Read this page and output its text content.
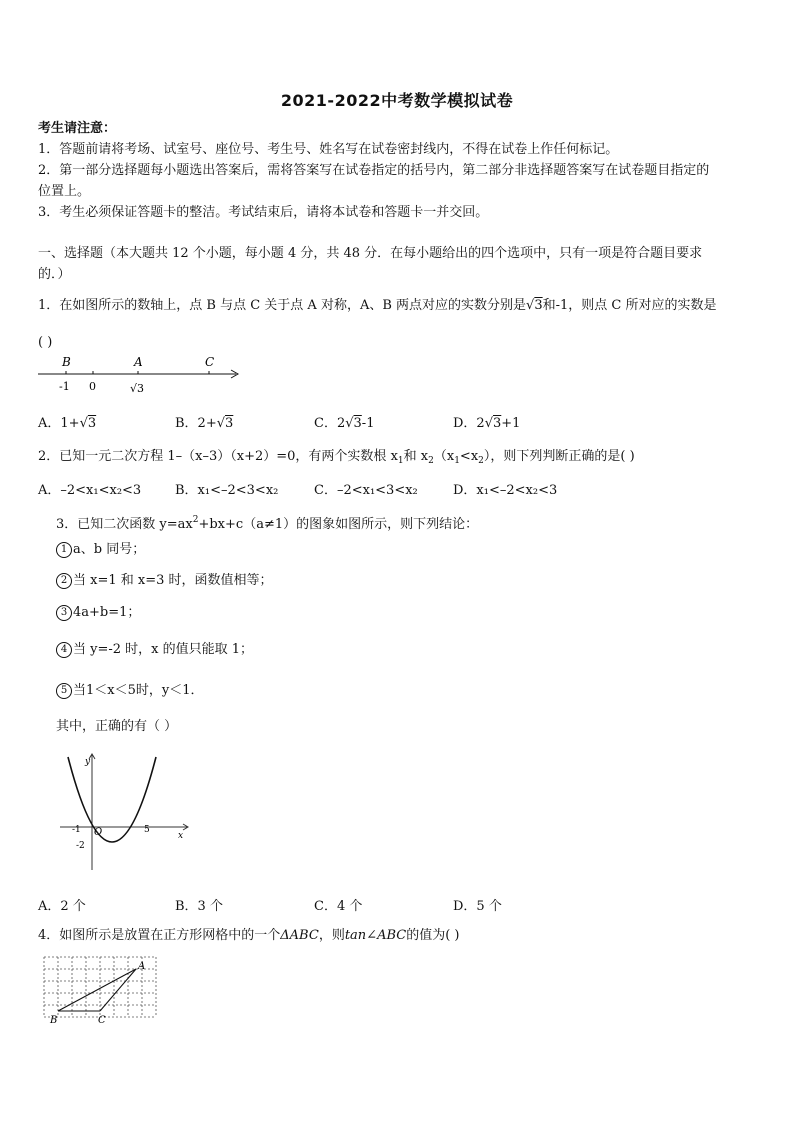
2021-2022中考数学模拟试卷
考生请注意：
1．答题前请将考场、试室号、座位号、考生号、姓名写在试卷密封线内，不得在试卷上作任何标记。
2．第一部分选择题每小题选出答案后，需将答案写在试卷指定的括号内，第二部分非选择题答案写在试卷题目指定的
位置上。
3．考生必须保证答题卡的整洁。考试结束后，请将本试卷和答题卡一并交回。
一、选择题（本大题共 12 个小题，每小题 4 分，共 48 分．在每小题给出的四个选项中，只有一项是符合题目要求
的．）
1．在如图所示的数轴上，点 B 与点 C 关于点 A 对称，A、B 两点对应的实数分别是√3和-1，则点 C 所对应的实数是
( )
B	A	C
-1 0	√3
A．1+√3	B．2+√3	C．2√3-1	D．2√3+1
2．已知一元二次方程 1–（x–3）（x+2）=0，有两个实数根 $x_1$和 $x_2(x_1<x_2)$，则下列判断正确的是( )
A．–2<x₁<x₂<3	B．x₁<–2<3<x₂	C．–2<x₁<3<x₂	D．x₁<–2<x₂<3
3．已知二次函数 $y=ax^2+bx+c(a\ne 1)$的图象如图所示，则下列结论：
1 a、b 同号；
2 当 x=1 和 x=3 时，函数值相等；
3 4a+b=1；
4 当 y=-2 时，x 的值只能取 1；
5 当1＜x＜5时，y＜1．
其中，正确的有（ ）
y
x
-1 O	5
-2
A．2 个	B．3 个	C．4 个	D．5 个
4．如图所示是放置在正方形网格中的一个ΔABC，则tan∠ABC的值为( )
A
B	C
